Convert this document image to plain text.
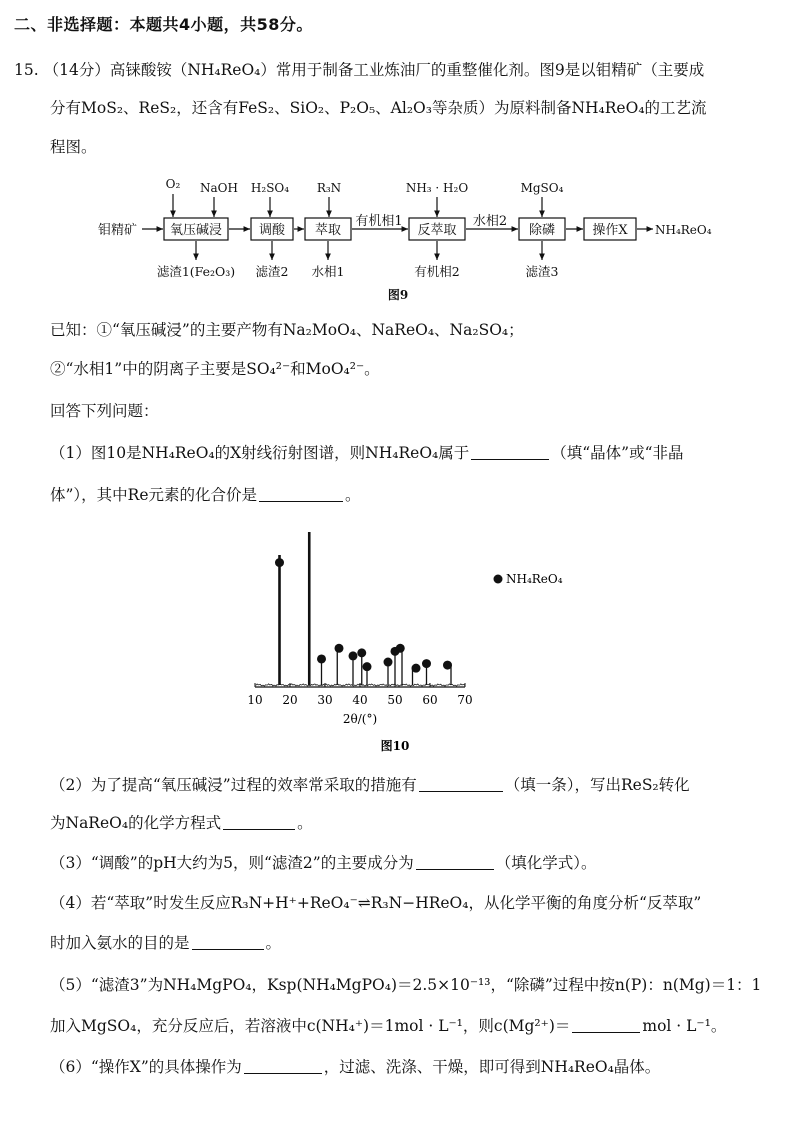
二、非选择题：本题共4小题，共58分。
15. （14分）高铼酸铵（NH₄ReO₄）常用于制备工业炼油厂的重整催化剂。图9是以钼精矿（主要成
分有MoS₂、ReS₂，还含有FeS₂、SiO₂、P₂O₅、Al₂O₃等杂质）为原料制备NH₄ReO₄的工艺流
程图。
钼精矿	氧压碱浸
O₂ NaOH
滤渣1(Fe₂O₃)
调酸
H₂SO₄
滤渣2
萃取
R₃N
水相1
有机相1
反萃取
NH₃ · H₂O
有机相2
水相2
除磷
MgSO₄
滤渣3
操作X NH₄ReO₄
图9
已知：①“氧压碱浸”的主要产物有Na₂MoO₄、NaReO₄、Na₂SO₄；
②“水相1”中的阴离子主要是SO₄²⁻和MoO₄²⁻。
回答下列问题：
（1）图10是NH₄ReO₄的X射线衍射图谱，则NH₄ReO₄属于	（填“晶体”或“非晶
体”），其中Re元素的化合价是	。
10 20 30 40 50 60 70
2θ/(°)
NH₄ReO₄
图10
（2）为了提高“氧压碱浸”过程的效率常采取的措施有	（填一条），写出ReS₂转化
为NaReO₄的化学方程式	。
（3）“调酸”的pH大约为5，则“滤渣2”的主要成分为	（填化学式）。
（4）若“萃取”时发生反应R₃N+H⁺+ReO₄⁻⇌R₃N−HReO₄，从化学平衡的角度分析“反萃取”
时加入氨水的目的是	。
（5）“滤渣3”为NH₄MgPO₄，Ksp(NH₄MgPO₄)＝2.5×10⁻¹³，“除磷”过程中按n(P)：n(Mg)＝1：1
加入MgSO₄，充分反应后，若溶液中c(NH₄⁺)＝1mol · L⁻¹，则c(Mg²⁺)＝	mol · L⁻¹。
（6）“操作X”的具体操作为	，过滤、洗涤、干燥，即可得到NH₄ReO₄晶体。
